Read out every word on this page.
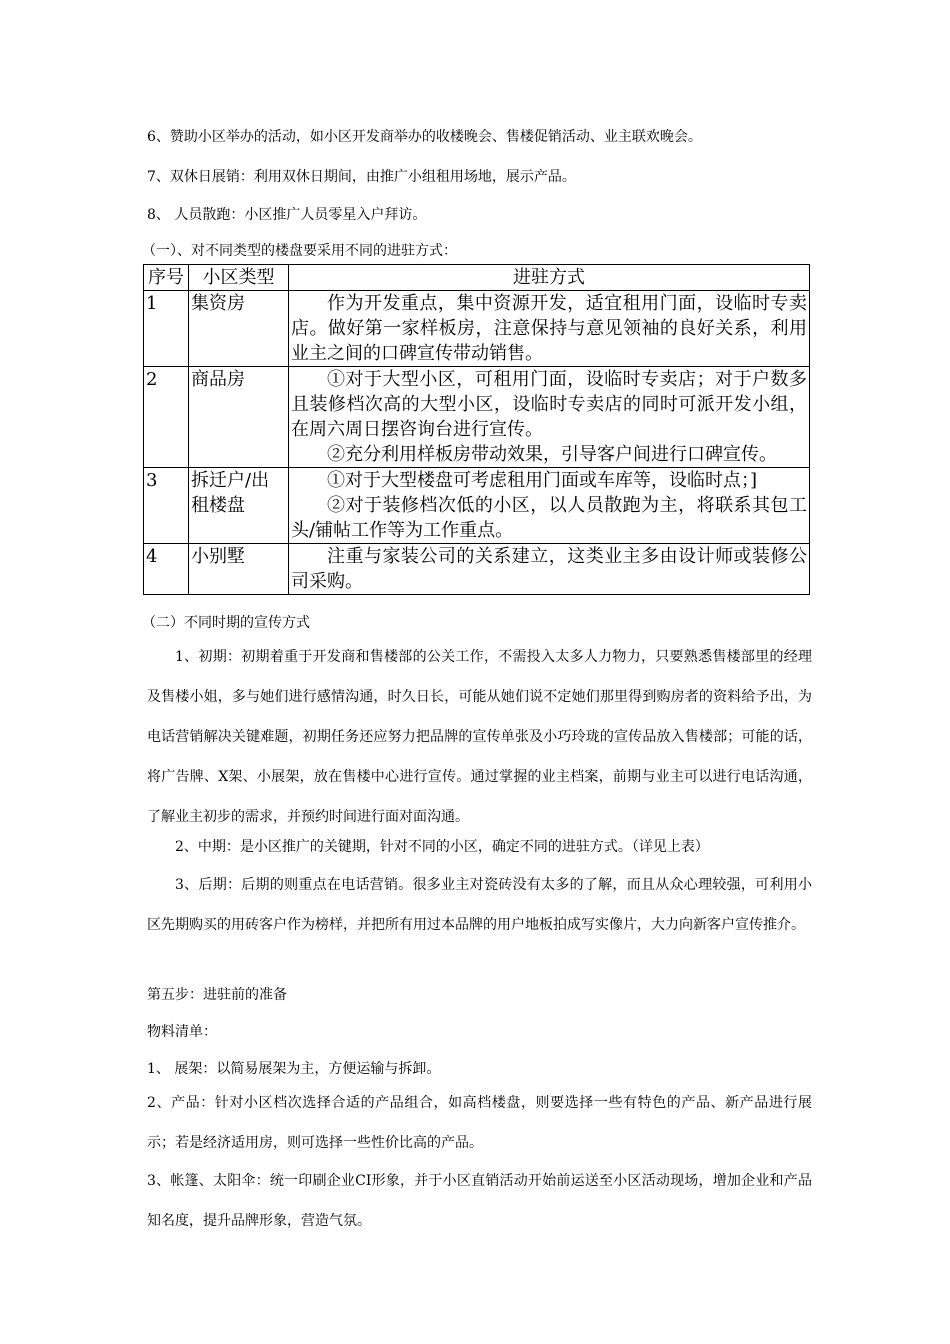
6、赞助小区举办的活动，如小区开发商举办的收楼晚会、售楼促销活动、业主联欢晚会。
7、双休日展销：利用双休日期间，由推广小组租用场地，展示产品。
8、 人员散跑：小区推广人员零星入户拜访。
（一）、对不同类型的楼盘要采用不同的进驻方式：
序号	小区类型	进驻方式
1	集资房	作为开发重点，集中资源开发，适宜租用门面，设临时专卖店。做好第一家样板房，注意保持与意见领袖的良好关系，利用业主之间的口碑宣传带动销售。

2	商品房	①对于大型小区，可租用门面，设临时专卖店；对于户数多且装修档次高的大型小区，设临时专卖店的同时可派开发小组，在周六周日摆咨询台进行宣传。
②充分利用样板房带动效果，引导客户间进行口碑宣传。

3	拆迁户/出租楼盘	①对于大型楼盘可考虑租用门面或车库等，设临时点；]
②对于装修档次低的小区，以人员散跑为主，将联系其包工头/铺帖工作等为工作重点。

4	小别墅	注重与家装公司的关系建立，这类业主多由设计师或装修公司采购。
（二）不同时期的宣传方式
1、初期：初期着重于开发商和售楼部的公关工作，不需投入太多人力物力，只要熟悉售楼部里的经理及售楼小姐，多与她们进行感情沟通，时久日长，可能从她们说不定她们那里得到购房者的资料给予出，为电话营销解决关键难题，初期任务还应努力把品牌的宣传单张及小巧玲珑的宣传品放入售楼部；可能的话，将广告牌、X架、小展架，放在售楼中心进行宣传。通过掌握的业主档案，前期与业主可以进行电话沟通，了解业主初步的需求，并预约时间进行面对面沟通。
2、中期：是小区推广的关键期，针对不同的小区，确定不同的进驻方式。（详见上表）
3、后期：后期的则重点在电话营销。很多业主对瓷砖没有太多的了解，而且从众心理较强，可利用小区先期购买的用砖客户作为榜样，并把所有用过本品牌的用户地板拍成写实像片，大力向新客户宣传推介。
第五步：进驻前的准备
物料清单：
1、 展架：以简易展架为主，方便运输与拆卸。
2、产品：针对小区档次选择合适的产品组合，如高档楼盘，则要选择一些有特色的产品、新产品进行展示；若是经济适用房，则可选择一些性价比高的产品。
3、帐篷、太阳伞：统一印刷企业CI形象，并于小区直销活动开始前运送至小区活动现场，增加企业和产品知名度，提升品牌形象，营造气氛。
